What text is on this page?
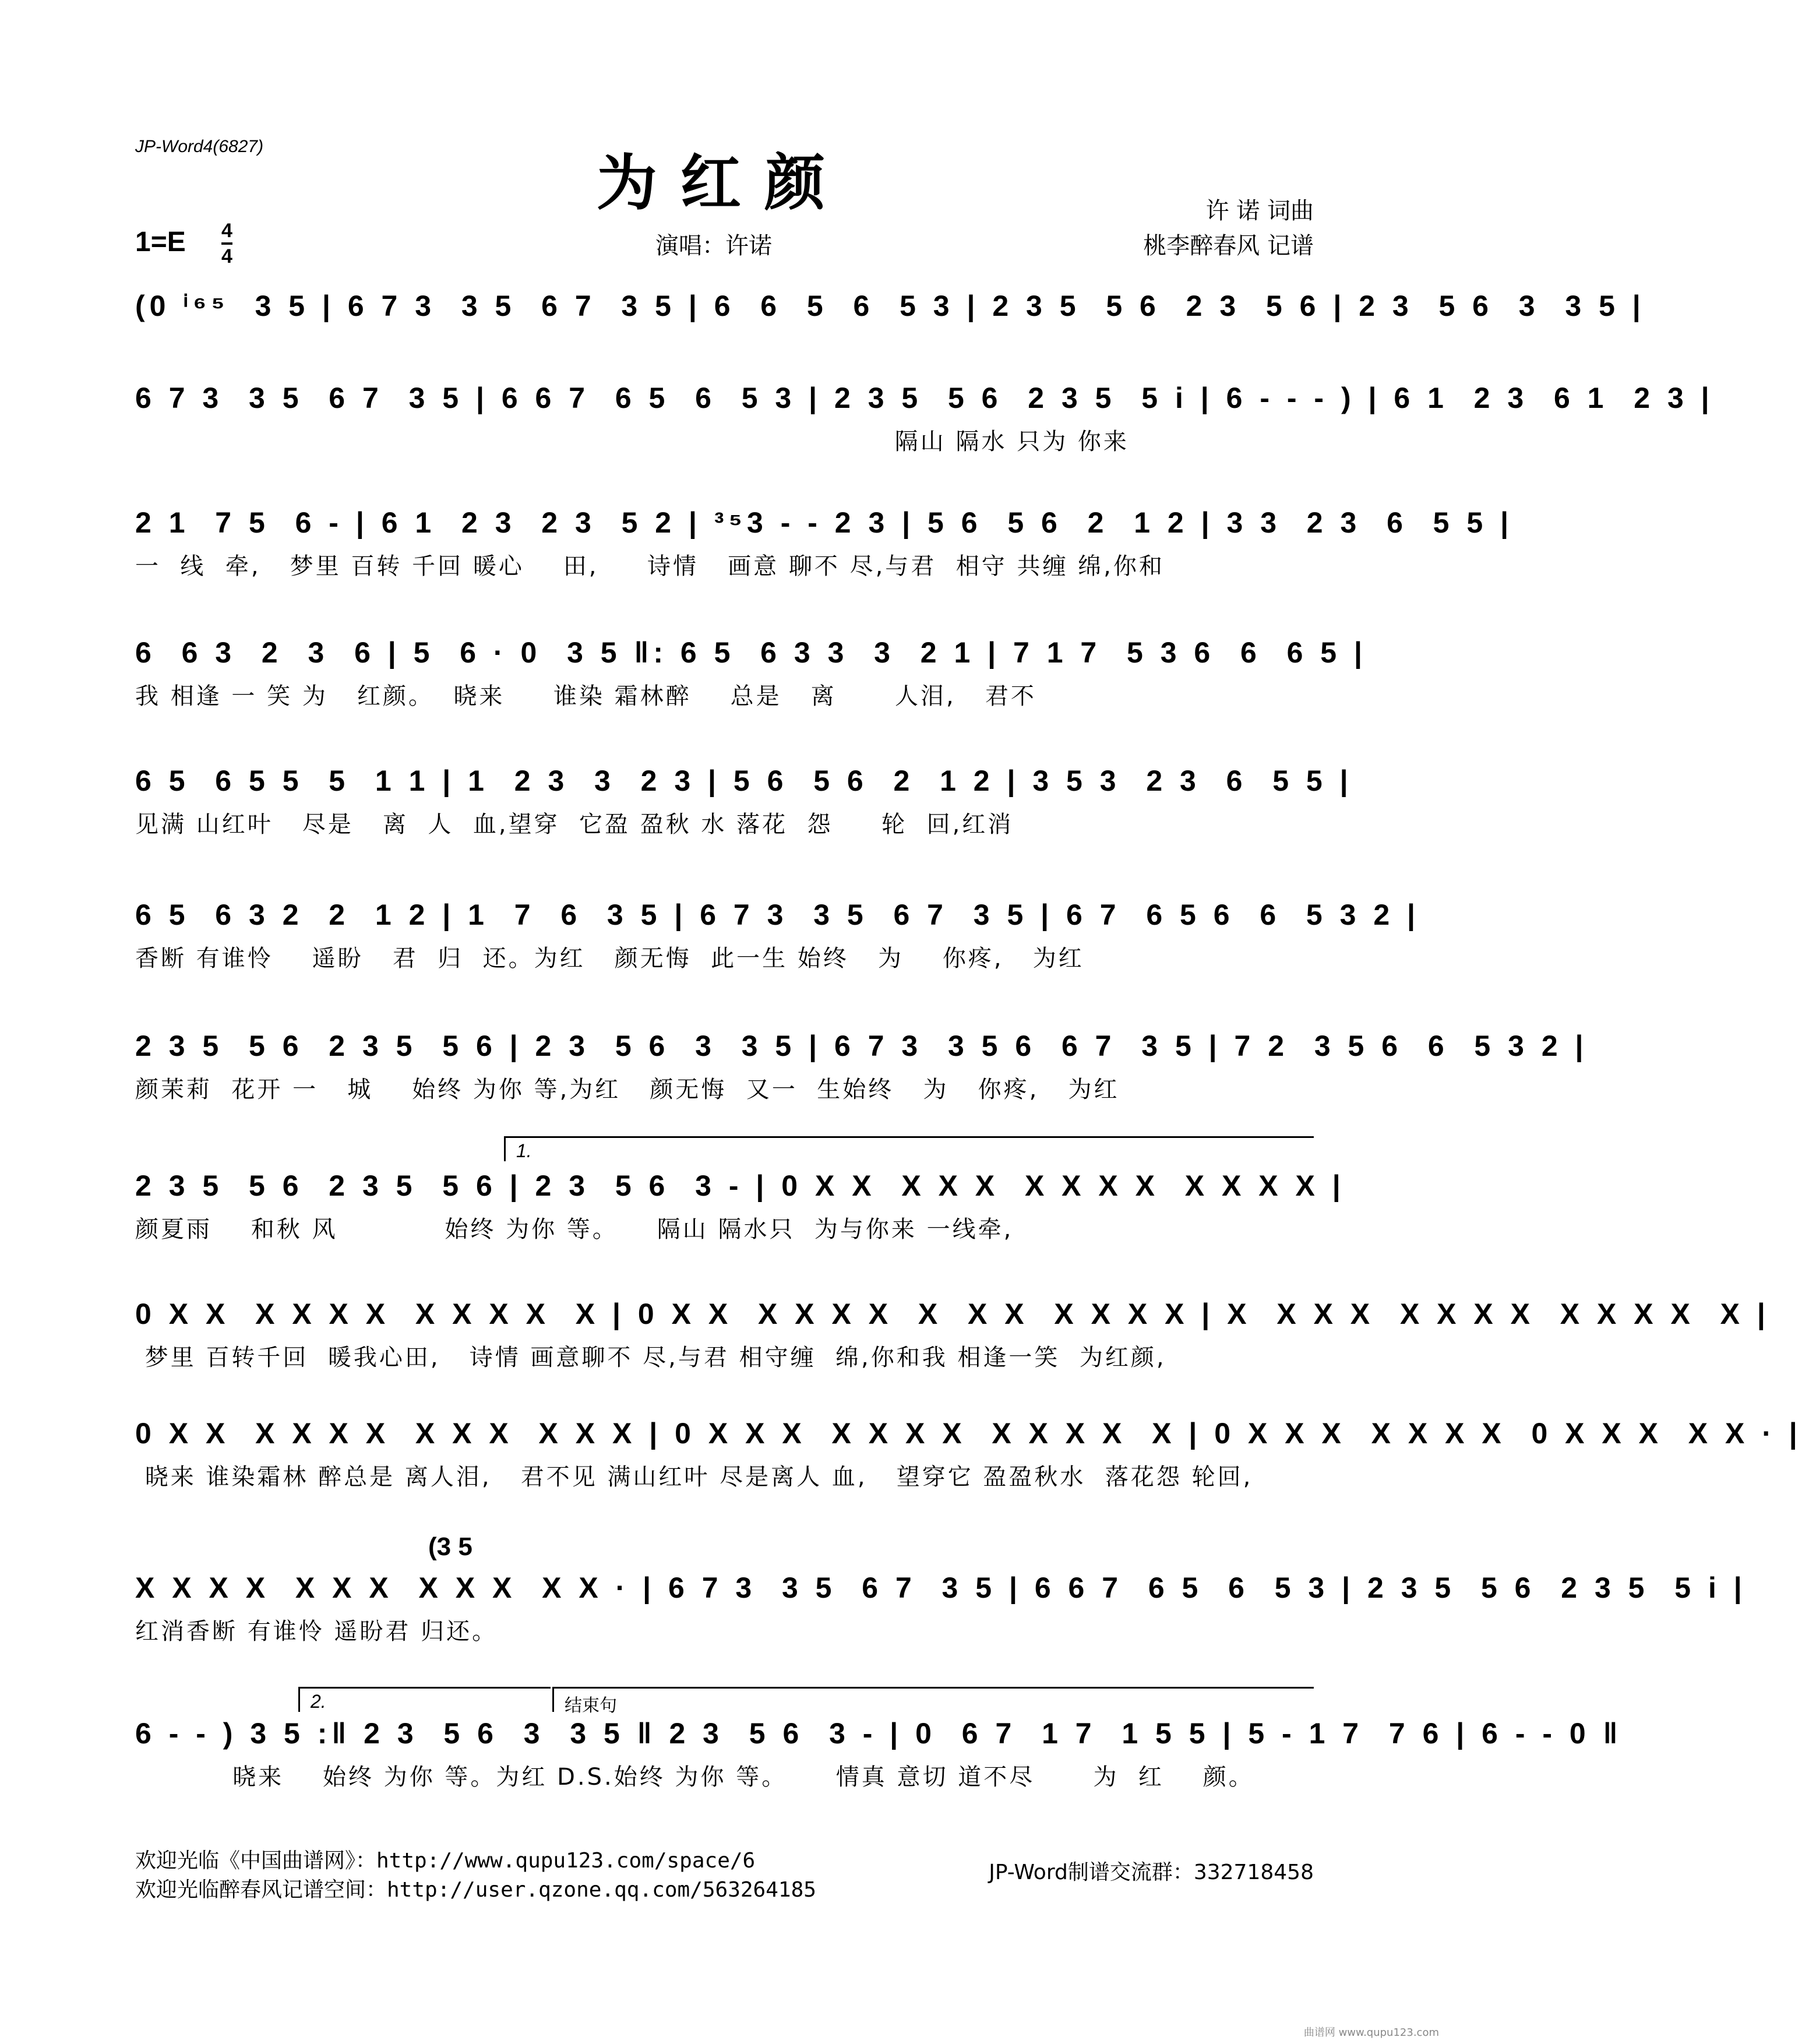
JP-Word4(6827)
为红颜	许 诺 词曲
桃李醉春风 记谱
演唱：许诺
1=E 4
4
(0 ⁱ⁶⁵  3 5 | 6 7 3  3 5  6 7  3 5 | 6  6  5  6  5 3 | 2 3 5  5 6  2 3  5 6 | 2 3  5 6  3  3 5 |
6 7 3  3 5  6 7  3 5 | 6 6 7  6 5  6  5 3 | 2 3 5  5 6  2 3 5  5 i | 6 - - - ) | 6 1  2 3  6 1  2 3 |
隔山 隔水 只为 你来
2 1  7 5  6 - | 6 1  2 3  2 3  5 2 | ³⁵3 - - 2 3 | 5 6  5 6  2  1 2 | 3 3  2 3  6  5 5 |
一  线  牵,   梦里 百转 千回 暖心    田,     诗情   画意 聊不 尽,与君  相守 共缠 绵,你和
6  6 3  2  3  6 | 5  6 · 0  3 5 ‖: 6 5  6 3 3  3  2 1 | 7 1 7  5 3 6  6  6 5 |
我 相逢 一 笑 为   红颜。  晓来     谁染 霜林醉    总是   离      人泪,   君不
6 5  6 5 5  5  1 1 | 1  2 3  3  2 3 | 5 6  5 6  2  1 2 | 3 5 3  2 3  6  5 5 |
见满 山红叶   尽是   离  人  血,望穿  它盈 盈秋 水 落花  怨     轮  回,红消
6 5  6 3 2  2  1 2 | 1  7  6  3 5 | 6 7 3  3 5  6 7  3 5 | 6 7  6 5 6  6  5 3 2 |
香断 有谁怜    遥盼   君  归  还。为红   颜无悔  此一生 始终   为    你疼,   为红
2 3 5  5 6  2 3 5  5 6 | 2 3  5 6  3  3 5 | 6 7 3  3 5 6  6 7  3 5 | 7 2  3 5 6  6  5 3 2 |
颜茉莉  花开 一   城    始终 为你 等,为红   颜无悔  又一  生始终   为   你疼,   为红
1.
2 3 5  5 6  2 3 5  5 6 | 2 3  5 6  3 - | 0 X X  X X X  X X X X  X X X X |
颜夏雨    和秋 风           始终 为你 等。    隔山 隔水只  为与你来 一线牵,
0 X X  X X X X  X X X X  X | 0 X X  X X X X  X  X X  X X X X | X  X X X  X X X X  X X X X  X |
梦里 百转千回  暖我心田,   诗情 画意聊不 尽,与君 相守缠  绵,你和我 相逢一笑  为红颜,
0 X X  X X X X  X X X  X X X | 0 X X X  X X X X  X X X X  X | 0 X X X  X X X X  0 X X X  X X · |
晓来 谁染霜林 醉总是 离人泪,   君不见 满山红叶 尽是离人 血,   望穿它 盈盈秋水  落花怨 轮回,
(3 5
X X X X  X X X  X X X  X X · | 6 7 3  3 5  6 7  3 5 | 6 6 7  6 5  6  5 3 | 2 3 5  5 6  2 3 5  5 i |
红消香断 有谁怜 遥盼君 归还。
2.	结束句
6 - - ) 3 5 :‖ 2 3  5 6  3  3 5 ‖ 2 3  5 6  3 - | 0  6 7  1 7  1 5 5 | 5 - 1 7  7 6 | 6 - - 0 ‖
晓来    始终 为你 等。为红 D.S.始终 为你 等。     情真 意切 道不尽      为  红    颜。
欢迎光临《中国曲谱网》：http://www.qupu123.com/space/6
欢迎光临醉春风记谱空间：http://user.qzone.qq.com/563264185
JP-Word制谱交流群：332718458
曲谱网 www.qupu123.com
